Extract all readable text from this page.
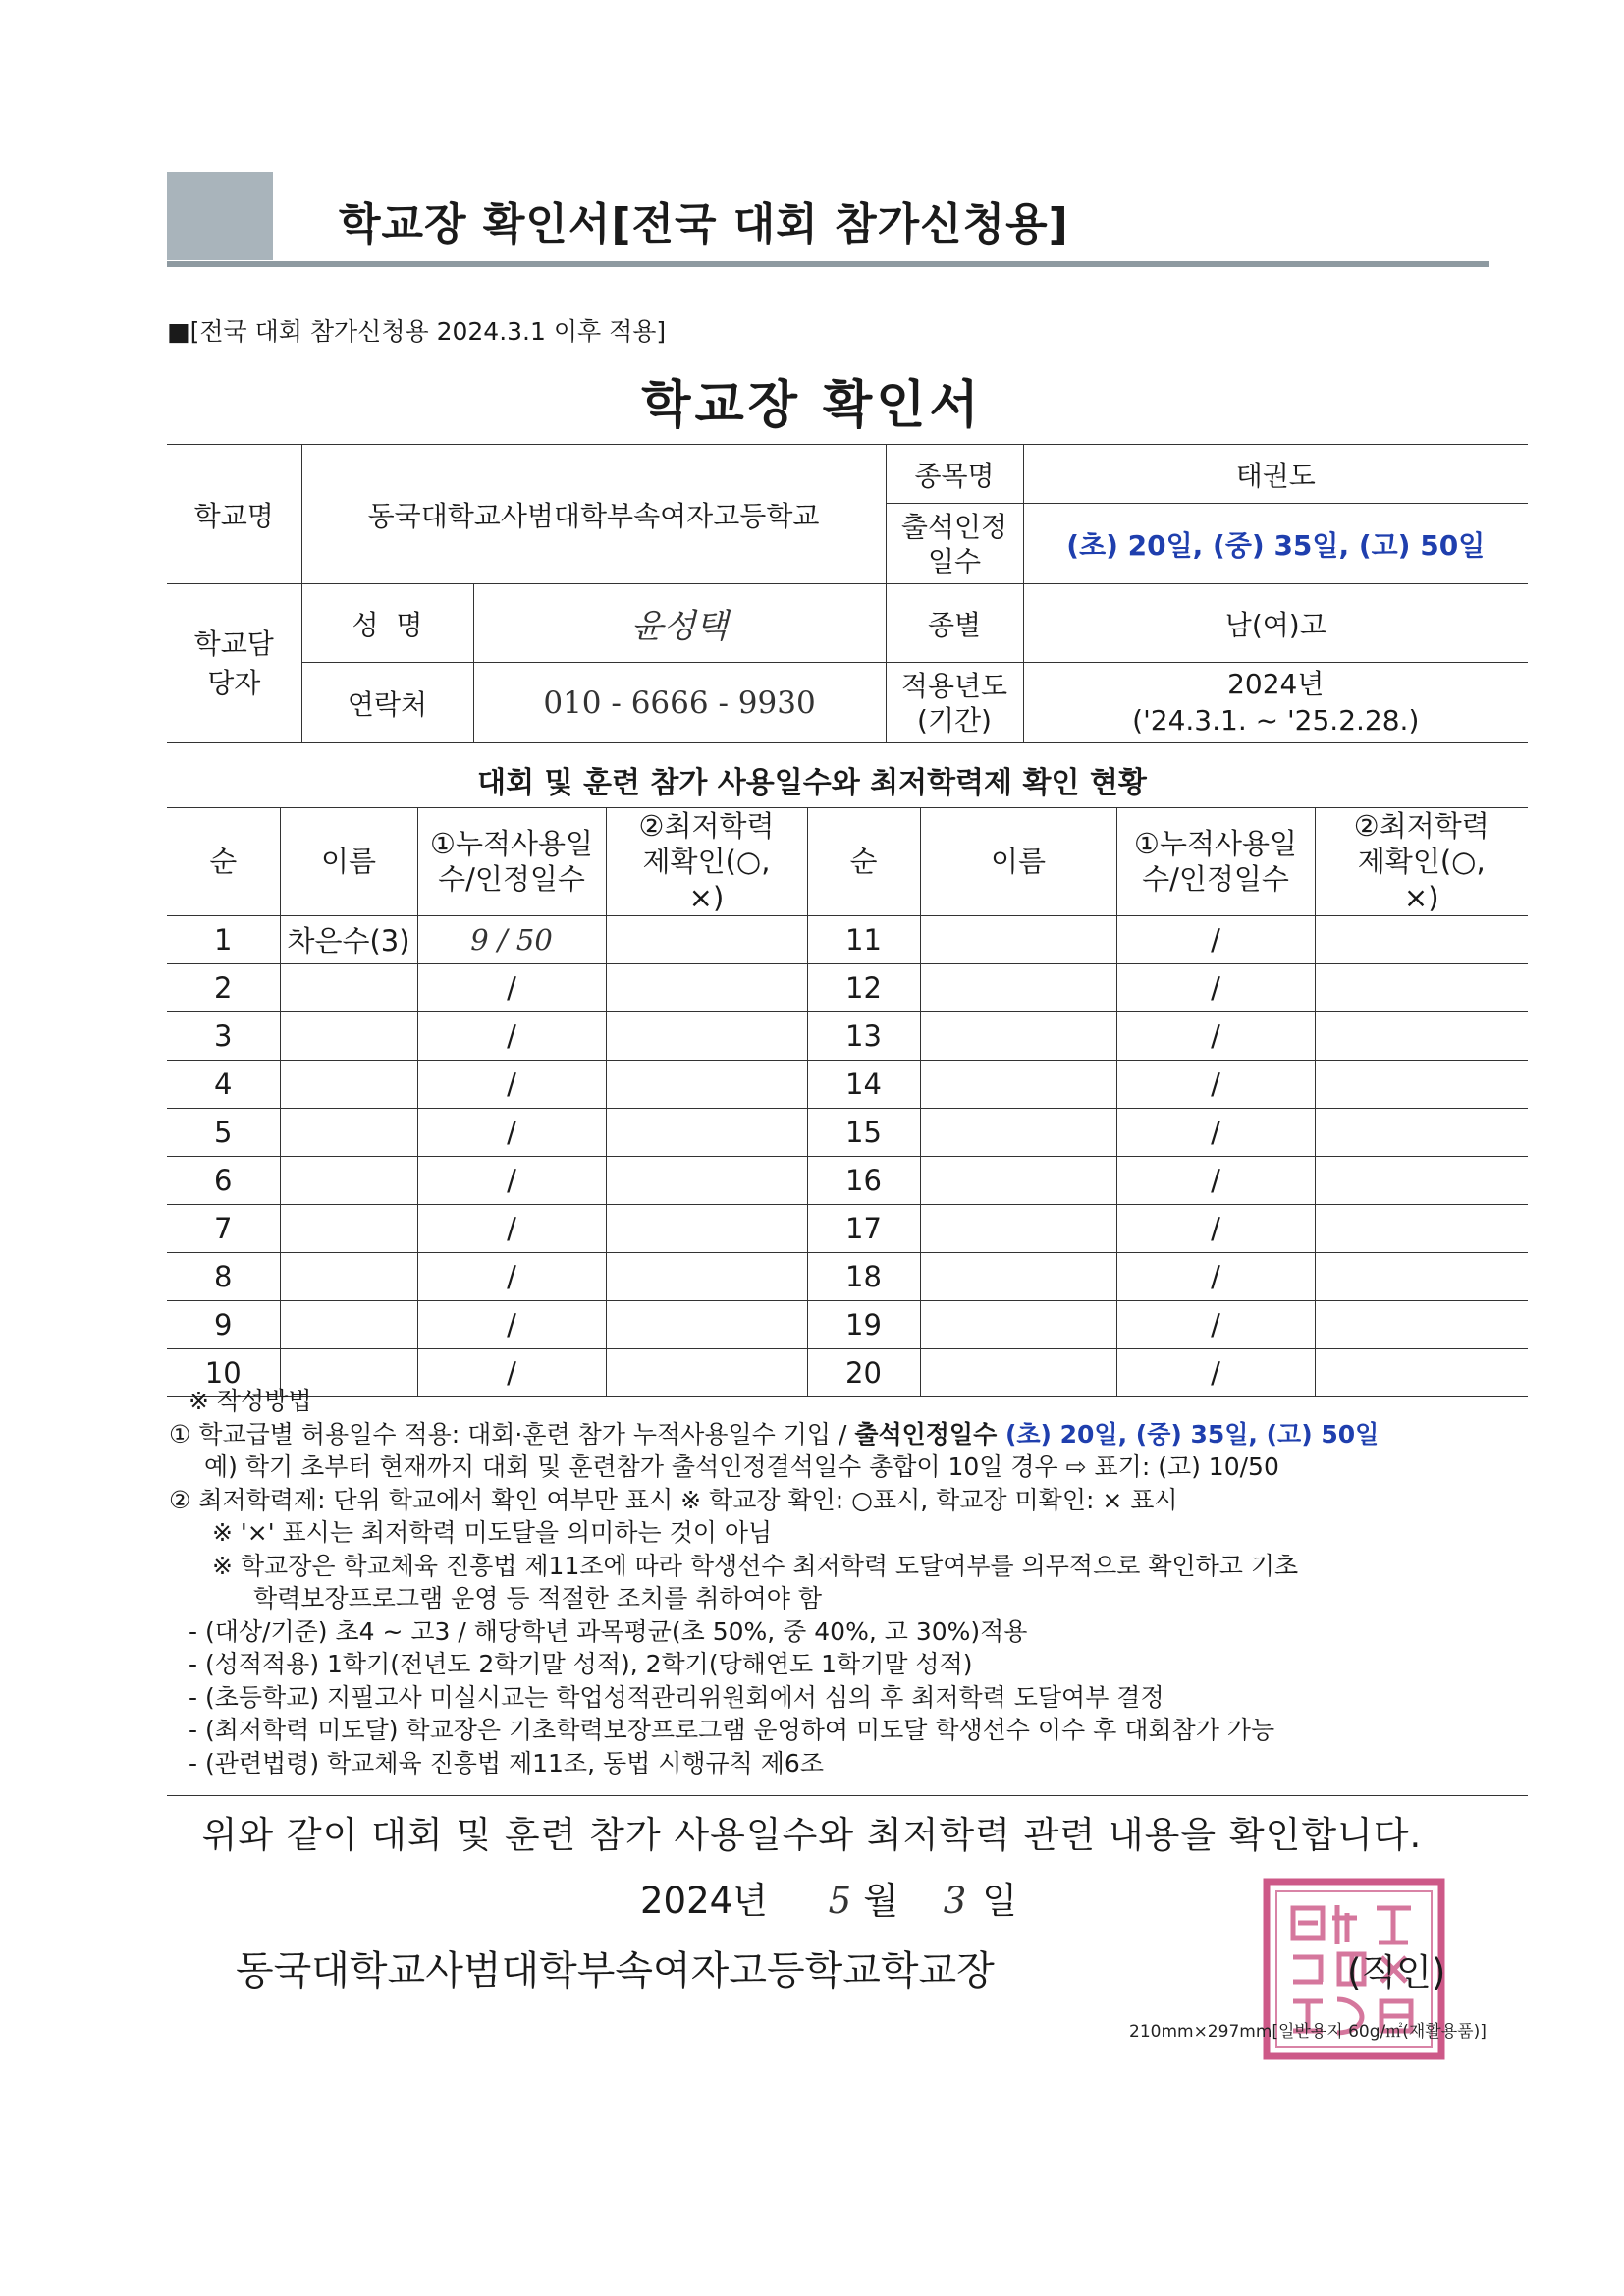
학교장 확인서[전국 대회 참가신청용]
■[전국 대회 참가신청용 2024.3.1 이후 적용]
학교장 확인서
학교명	동국대학교사범대학부속여자고등학교		종목명	태권도
			출석인정일수	(초) 20일, (중) 35일, (고) 50일
학교담당자	성  명	윤성택	종별	남(여)고
	연락처	010 - 6666 - 9930	적용년도(기간)	2024년
('24.3.1. ~ '25.2.28.)
대회 및 훈련 참가 사용일수와 최저학력제 확인 현황
순	이름	①누적사용일수/인정일수	②최저학력제확인(○,×)	순	이름	①누적사용일수/인정일수	②최저학력제확인(○,×)
1	차은수(3)	9 / 50		11		/	
2		/		12		/	
3		/		13		/	
4		/		14		/	
5		/		15		/	
6		/		16		/	
7		/		17		/	
8		/		18		/	
9		/		19		/	
10		/		20		/	
※ 작성방법
① 학교급별 허용일수 적용: 대회·훈련 참가 누적사용일수 기입 / 출석인정일수 (초) 20일, (중) 35일, (고) 50일
예) 학기 초부터 현재까지 대회 및 훈련참가 출석인정결석일수 총합이 10일 경우 ⇨ 표기: (고) 10/50
② 최저학력제: 단위 학교에서 확인 여부만 표시 ※ 학교장 확인: ○표시, 학교장 미확인: × 표시
※ '×' 표시는 최저학력 미도달을 의미하는 것이 아님
※ 학교장은 학교체육 진흥법 제11조에 따라 학생선수 최저학력 도달여부를 의무적으로 확인하고 기초
학력보장프로그램 운영 등 적절한 조치를 취하여야 함
- (대상/기준) 초4 ~ 고3 / 해당학년 과목평균(초 50%, 중 40%, 고 30%)적용
- (성적적용) 1학기(전년도 2학기말 성적), 2학기(당해연도 1학기말 성적)
- (초등학교) 지필고사 미실시교는 학업성적관리위원회에서 심의 후 최저학력 도달여부 결정
- (최저학력 미도달) 학교장은 기초학력보장프로그램 운영하여 미도달 학생선수 이수 후 대회참가 가능
- (관련법령) 학교체육 진흥법 제11조, 동법 시행규칙 제6조
위와 같이 대회 및 훈련 참가 사용일수와 최저학력 관련 내용을 확인합니다.
2024년 5 월 3 일
동국대학교사범대학부속여자고등학교학교장	(직인)
210mm×297mm[일반용지 60g/㎡(재활용품)]
